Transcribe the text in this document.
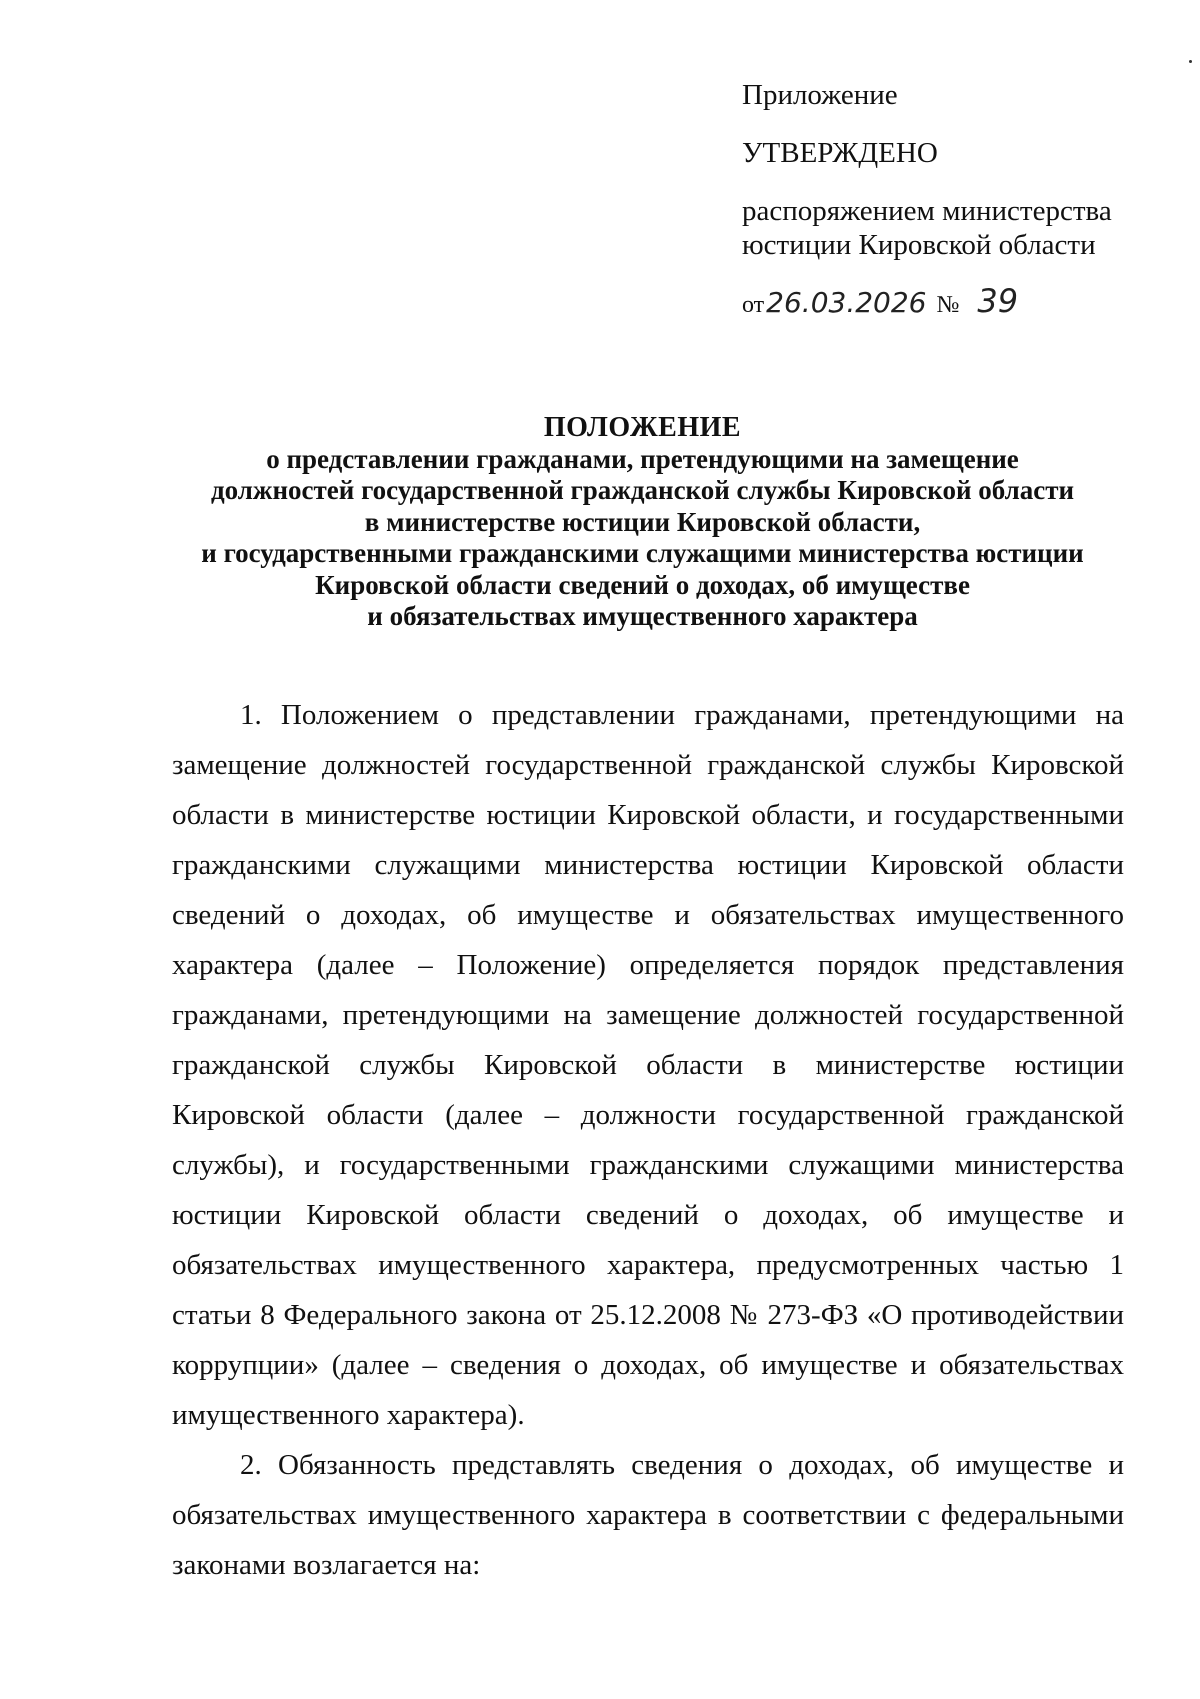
Приложение
УТВЕРЖДЕНО
распоряжением министерства
юстиции Кировской области
от 26.03.2026 № 39
ПОЛОЖЕНИЕ
о представлении гражданами, претендующими на замещение
должностей государственной гражданской службы Кировской области
в министерстве юстиции Кировской области,
и государственными гражданскими служащими министерства юстиции
Кировской области сведений о доходах, об имуществе
и обязательствах имущественного характера

1. Положением о представлении гражданами, претендующими на замещение должностей государственной гражданской службы Кировской области в министерстве юстиции Кировской области, и государственными гражданскими служащими министерства юстиции Кировской области сведений о доходах, об имуществе и обязательствах имущественного характера (далее – Положение) определяется порядок представления гражданами, претендующими на замещение должностей государственной гражданской службы Кировской области в министерстве юстиции Кировской области (далее – должности государственной гражданской службы), и государственными гражданскими служащими министерства юстиции Кировской области сведений о доходах, об имуществе и обязательствах имущественного характера, предусмотренных частью 1 статьи 8 Федерального закона от 25.12.2008 № 273-ФЗ «О противодействии коррупции» (далее – сведения о доходах, об имуществе и обязательствах имущественного характера).

2. Обязанность представлять сведения о доходах, об имуществе и обязательствах имущественного характера в соответствии с федеральными законами возлагается на:
